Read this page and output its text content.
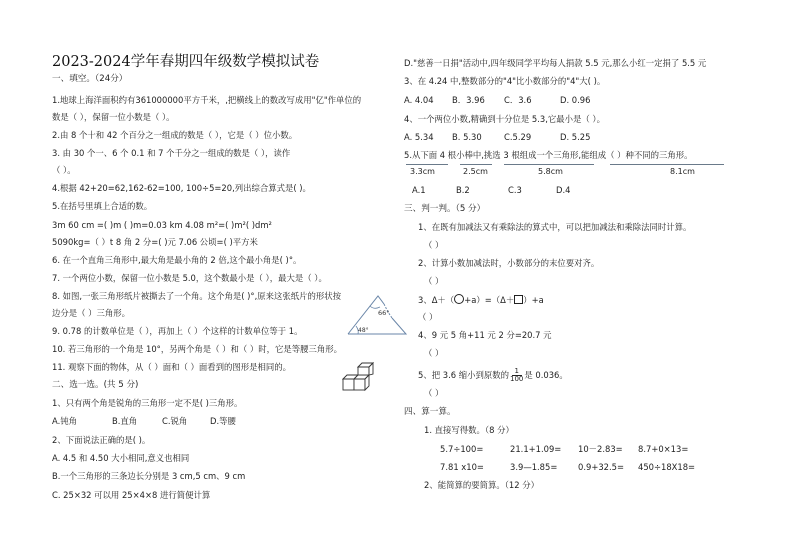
2023-2024学年春期四年级数学模拟试卷
一、填空。（24分）
1.地球上海洋面积约有361000000平方千米，,把横线上的数改写成用"亿"作单位的
数是（ ），保留一位小数是（ ）。
2.由 8 个十和 42 个百分之一组成的数是（ ），它是（ ）位小数。
3. 由 30 个一、6 个 0.1 和 7 个千分之一组成的数是（ ），读作
（ ）。
4.根据 42+20=62,162-62=100, 100÷5=20,列出综合算式是( )。
5.在括号里填上合适的数。
3m 60 cm =( )m ( )m=0.03 km 4.08 m²=( )m²( )dm²
5090kg=（ ）t 8 角 2 分=( )元 7.06 公顷=( )平方米
6. 在一个直角三角形中,最大角是最小角的 2 倍,这个最小角是( )°。
7. 一个两位小数，保留一位小数是 5.0，这个数最小是（ ），最大是（ ）。
8. 如图,一张三角形纸片被撕去了一个角。这个角是( )°,原来这张纸片的形状按
边分是（ ）三角形。
9. 0.78 的计数单位是（ ），再加上（ ）个这样的计数单位等于 1。
10. 若三角形的一个角是 10°，另两个角是（ ）和（ ）时，它是等腰三角形。
11. 观察下面的物体，从（ ）面和（ ）面看到的图形是相同的。
66°
48°
二、选一选。(共 5 分)
1、只有两个角是锐角的三角形一定不是( )三角形。
A.钝角	B.直角	C.锐角	D.等腰
2、下面说法正确的是( )。
A. 4.5 和 4.50 大小相同,意义也相同
B.一个三角形的三条边长分别是 3 cm,5 cm、9 cm
C. 25×32 可以用 25×4×8 进行简便计算
D."慈善一日捐"活动中,四年级同学平均每人捐款 5.5 元,那么小红一定捐了 5.5 元
3、在 4.24 中,整数部分的"4"比小数部分的"4"大( )。
A. 4.04 B．3.96 C．3.6	D. 0.96
4、一个两位小数,精确到十分位是 5.3,它最小是（ ）。
A. 5.34 B. 5.30	C.5.29	D. 5.25
5.从下面 4 根小棒中,挑选 3 根组成一个三角形,能组成（ ）种不同的三角形。
3.3cm	2.5cm	5.8cm	8.1cm
A.1	B.2	C.3	D.4
三、判一判。（5 分）
1、在既有加减法又有乘除法的算式中，可以把加减法和乘除法同时计算。
（ ）
2、计算小数加减法时，小数部分的末位要对齐。
（ ）
3、Δ＋（ +a）=（Δ＋ ）+a
（ ）
4、9 元 5 角+11 元 2 分=20.7 元
（ ）
5、把 3.6 缩小到原数的 $\frac{1}{100}$ 是 0.036。
（ ）
四、算一算。
1. 直接写得数。（8 分）
5.7÷100=	21.1+1.09= 10－2.83= 8.7+0×13=
7.81 x10=	3.9—1.85= 0.9+32.5= 450÷18X18=
2、能简算的要简算。（12 分）
